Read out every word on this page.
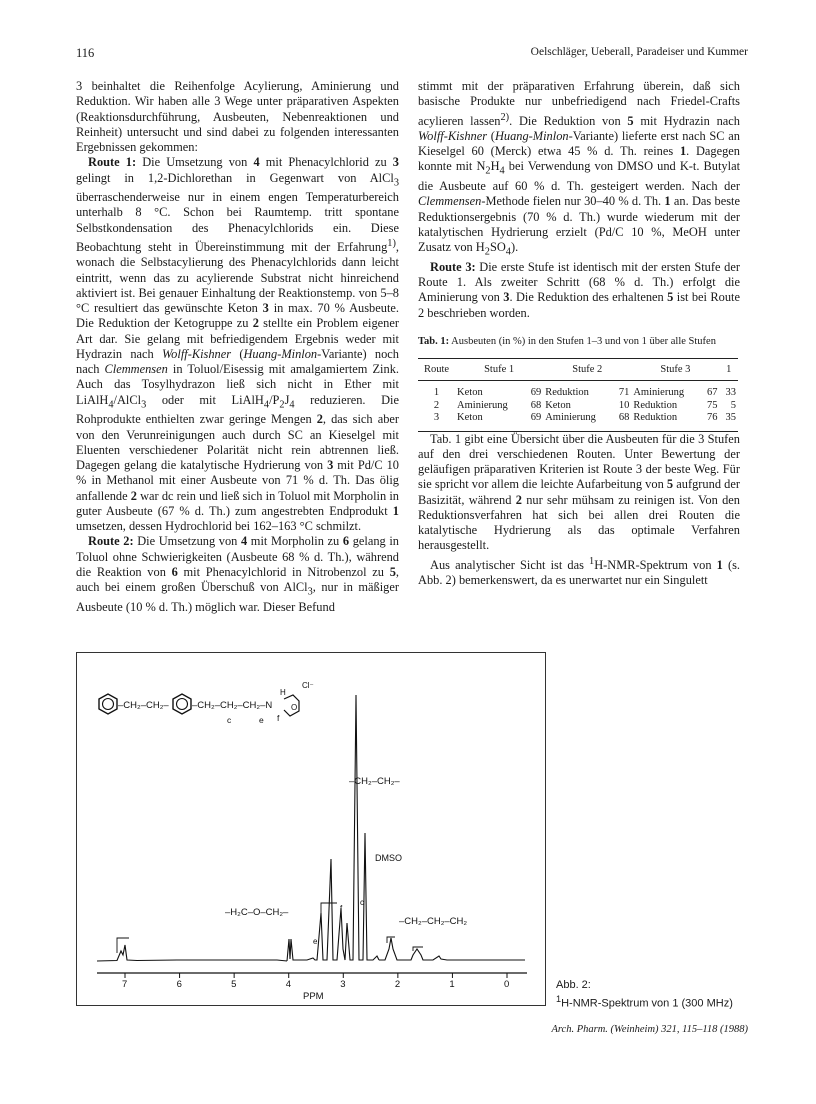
116	Oelschläger, Ueberall, Paradeiser und Kummer

3 beinhaltet die Reihenfolge Acylierung, Aminierung und Reduktion. Wir haben alle 3 Wege unter präparativen Aspekten (Reaktionsdurchführung, Ausbeuten, Nebenreaktionen und Reinheit) untersucht und sind dabei zu folgenden interessanten Ergebnissen gekommen:

Route 1: Die Umsetzung von 4 mit Phenacylchlorid zu 3 gelingt in 1,2-Dichlorethan in Gegenwart von AlCl$_3$ überraschenderweise nur in einem engen Temperaturbereich unterhalb 8 °C. Schon bei Raumtemp. tritt spontane Selbstkondensation des Phenacylchlorids ein. Diese Beobachtung steht in Übereinstimmung mit der Erfahrung$^{1)}$, wonach die Selbstacylierung des Phenacylchlorids dann leicht eintritt, wenn das zu acylierende Substrat nicht hinreichend aktiviert ist. Bei genauer Einhaltung der Reaktionstemp. von 5–8 °C resultiert das gewünschte Keton 3 in max. 70 % Ausbeute. Die Reduktion der Ketogruppe zu 2 stellte ein Problem eigener Art dar. Sie gelang mit befriedigendem Ergebnis weder mit Hydrazin nach Wolff-Kishner (Huang-Minlon-Variante) noch nach Clemmensen in Toluol/Eisessig mit amalgamiertem Zink. Auch das Tosylhydrazon ließ sich nicht in Ether mit LiAlH$_4$/AlCl$_3$ oder mit $LiAlH_4/P_2J_4$ reduzieren. Die Rohprodukte enthielten zwar geringe Mengen 2, das sich aber von den Verunreinigungen auch durch SC an Kieselgel mit Eluenten verschiedener Polarität nicht rein abtrennen ließ. Dagegen gelang die katalytische Hydrierung von 3 mit Pd/C 10 % in Methanol mit einer Ausbeute von 71 % d. Th. Das ölig anfallende 2 war dc rein und ließ sich in Toluol mit Morpholin in guter Ausbeute (67 % d. Th.) zum angestrebten Endprodukt 1 umsetzen, dessen Hydrochlorid bei 162–163 °C schmilzt.

Route 2: Die Umsetzung von 4 mit Morpholin zu 6 gelang in Toluol ohne Schwierigkeiten (Ausbeute 68 % d. Th.), während die Reaktion von 6 mit Phenacylchlorid in Nitrobenzol zu 5, auch bei einem großen Überschuß von AlCl$_3$, nur in mäßiger Ausbeute (10 % d. Th.) möglich war. Dieser Befund

stimmt mit der präparativen Erfahrung überein, daß sich basische Produkte nur unbefriedigend nach Friedel-Crafts acylieren lassen$^{2)}$. Die Reduktion von 5 mit Hydrazin nach Wolff-Kishner (Huang-Minlon-Variante) lieferte erst nach SC an Kieselgel 60 (Merck) etwa 45 % d. Th. reines 1. Dagegen konnte mit $N_2H_4$ bei Verwendung von DMSO und K-t. Butylat die Ausbeute auf 60 % d. Th. gesteigert werden. Nach der Clemmensen-Methode fielen nur 30–40 % d. Th. 1 an. Das beste Reduktionsergebnis (70 % d. Th.) wurde wiederum mit der katalytischen Hydrierung erzielt (Pd/C 10 %, MeOH unter Zusatz von $H_2SO_4$).

Route 3: Die erste Stufe ist identisch mit der ersten Stufe der Route 1. Als zweiter Schritt (68 % d. Th.) erfolgt die Aminierung von 3. Die Reduktion des erhaltenen 5 ist bei Route 2 beschrieben worden.

Tab. 1: Ausbeuten (in %) in den Stufen 1–3 und von 1 über alle Stufen
Route	Stufe 1		Stufe 2		Stufe 3		1
1	Keton	69	Reduktion	71	Aminierung	67	33
2	Aminierung	68	Keton	10	Reduktion	75	5
3	Keton	69	Aminierung	68	Reduktion	76	35

Tab. 1 gibt eine Übersicht über die Ausbeuten für die 3 Stufen auf den drei verschiedenen Routen. Unter Bewertung der geläufigen präparativen Kriterien ist Route 3 der beste Weg. Für sie spricht vor allem die leichte Aufarbeitung von 5 aufgrund der Basizität, während 2 nur sehr mühsam zu reinigen ist. Von den Reduktionsverfahren hat sich bei allen drei Routen die katalytische Hydrierung als das optimale Verfahren herausgestellt.

Aus analytischer Sicht ist das $^1$H-NMR-Spektrum von 1 (s. Abb. 2) bemerkenswert, da es unerwartet nur ein Singulett

–CH₂–CH₂– –CH₂–CH₂–CH₂–N
H
Cl⁻
O
c	e f
–CH₂–CH₂–
DMSO
–H₂C–O–CH₂–
–CH₂–CH₂–CH₂
f
e
c
7	6	5	4	3	2	1	0
PPM
Abb. 2:
$^1$H-NMR-Spektrum von 1 (300 MHz)
Arch. Pharm. (Weinheim) 321, 115–118 (1988)
